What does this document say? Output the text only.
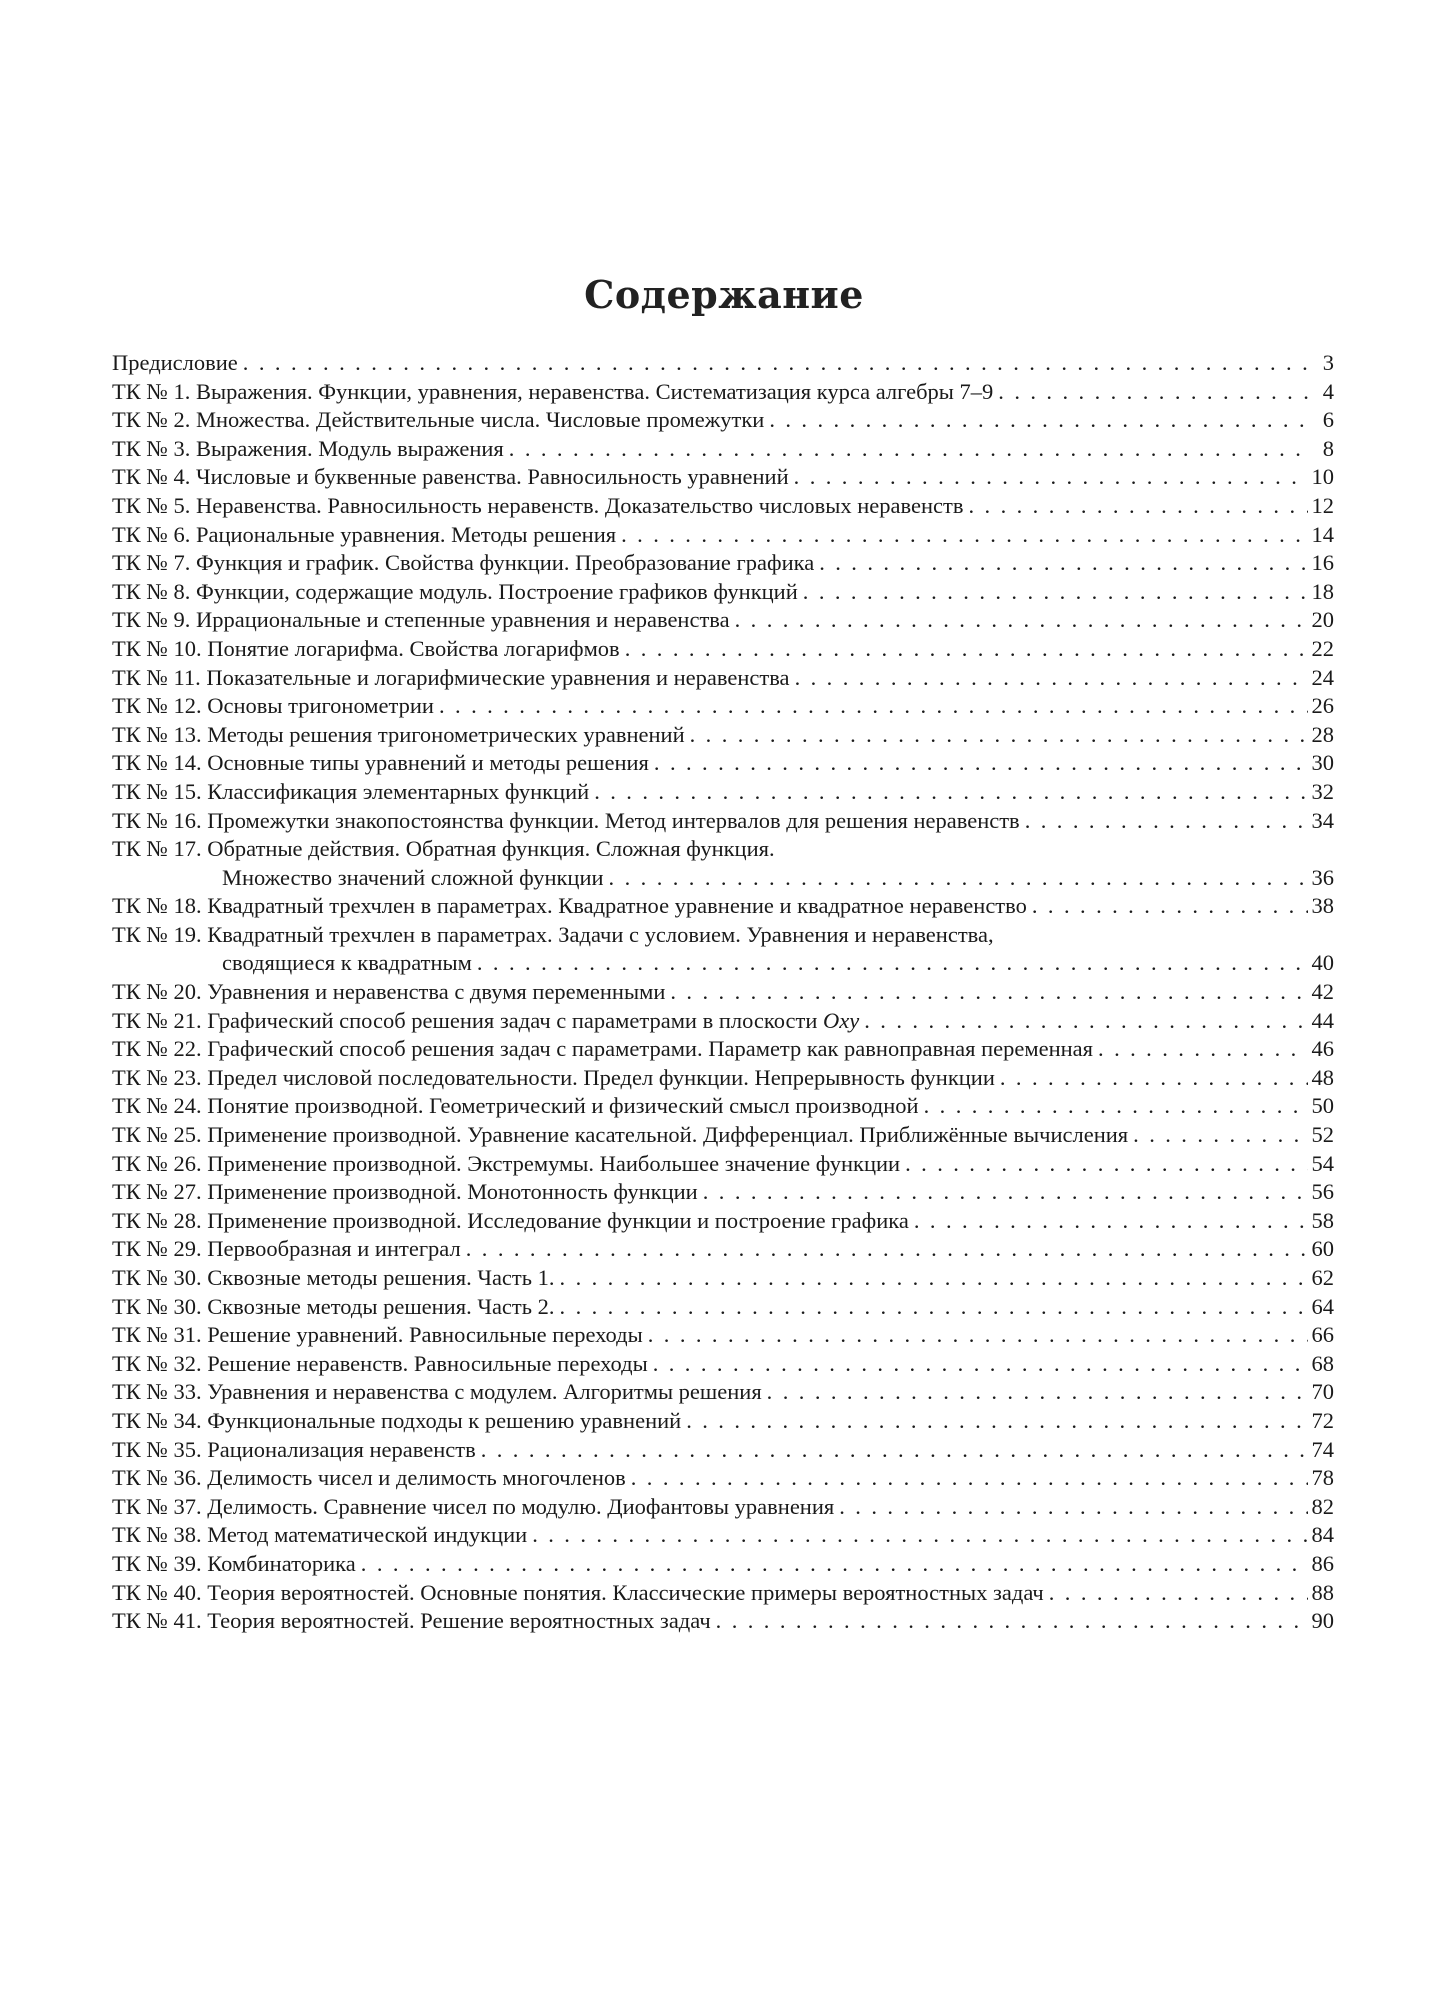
Содержание
Предисловие . . .	3
ТК № 1. Выражения. Функции, уравнения, неравенства. Систематизация курса алгебры 7–9 . . .	4
ТК № 2. Множества. Действительные числа. Числовые промежутки . . .	6
ТК № 3. Выражения. Модуль выражения . . .	8
ТК № 4. Числовые и буквенные равенства. Равносильность уравнений . . .	10
ТК № 5. Неравенства. Равносильность неравенств. Доказательство числовых неравенств . . .	12
ТК № 6. Рациональные уравнения. Методы решения . . .	14
ТК № 7. Функция и график. Свойства функции. Преобразование графика . . .	16
ТК № 8. Функции, содержащие модуль. Построение графиков функций . . .	18
ТК № 9. Иррациональные и степенные уравнения и неравенства . . .	20
ТК № 10. Понятие логарифма. Свойства логарифмов . . .	22
ТК № 11. Показательные и логарифмические уравнения и неравенства . . .	24
ТК № 12. Основы тригонометрии . . .	26
ТК № 13. Методы решения тригонометрических уравнений . . .	28
ТК № 14. Основные типы уравнений и методы решения . . .	30
ТК № 15. Классификация элементарных функций . . .	32
ТК № 16. Промежутки знакопостоянства функции. Метод интервалов для решения неравенств . . .	34
ТК № 17. Обратные действия. Обратная функция. Сложная функция.
Множество значений сложной функции . . .	36
ТК № 18. Квадратный трехчлен в параметрах. Квадратное уравнение и квадратное неравенство . . .	38
ТК № 19. Квадратный трехчлен в параметрах. Задачи с условием. Уравнения и неравенства,
сводящиеся к квадратным . . .	40
ТК № 20. Уравнения и неравенства с двумя переменными . . .	42
ТК № 21. Графический способ решения задач с параметрами в плоскости Oxy . . .	44
ТК № 22. Графический способ решения задач с параметрами. Параметр как равноправная переменная . . .	46
ТК № 23. Предел числовой последовательности. Предел функции. Непрерывность функции . . .	48
ТК № 24. Понятие производной. Геометрический и физический смысл производной . . .	50
ТК № 25. Применение производной. Уравнение касательной. Дифференциал. Приближённые вычисления . . .	52
ТК № 26. Применение производной. Экстремумы. Наибольшее значение функции . . .	54
ТК № 27. Применение производной. Монотонность функции . . .	56
ТК № 28. Применение производной. Исследование функции и построение графика . . .	58
ТК № 29. Первообразная и интеграл . . .	60
ТК № 30. Сквозные методы решения. Часть 1. . . .	62
ТК № 30. Сквозные методы решения. Часть 2. . . .	64
ТК № 31. Решение уравнений. Равносильные переходы . . .	66
ТК № 32. Решение неравенств. Равносильные переходы . . .	68
ТК № 33. Уравнения и неравенства с модулем. Алгоритмы решения . . .	70
ТК № 34. Функциональные подходы к решению уравнений . . .	72
ТК № 35. Рационализация неравенств . . .	74
ТК № 36. Делимость чисел и делимость многочленов . . .	78
ТК № 37. Делимость. Сравнение чисел по модулю. Диофантовы уравнения . . .	82
ТК № 38. Метод математической индукции . . .	84
ТК № 39. Комбинаторика . . .	86
ТК № 40. Теория вероятностей. Основные понятия. Классические примеры вероятностных задач . . .	88
ТК № 41. Теория вероятностей. Решение вероятностных задач . . .	90
